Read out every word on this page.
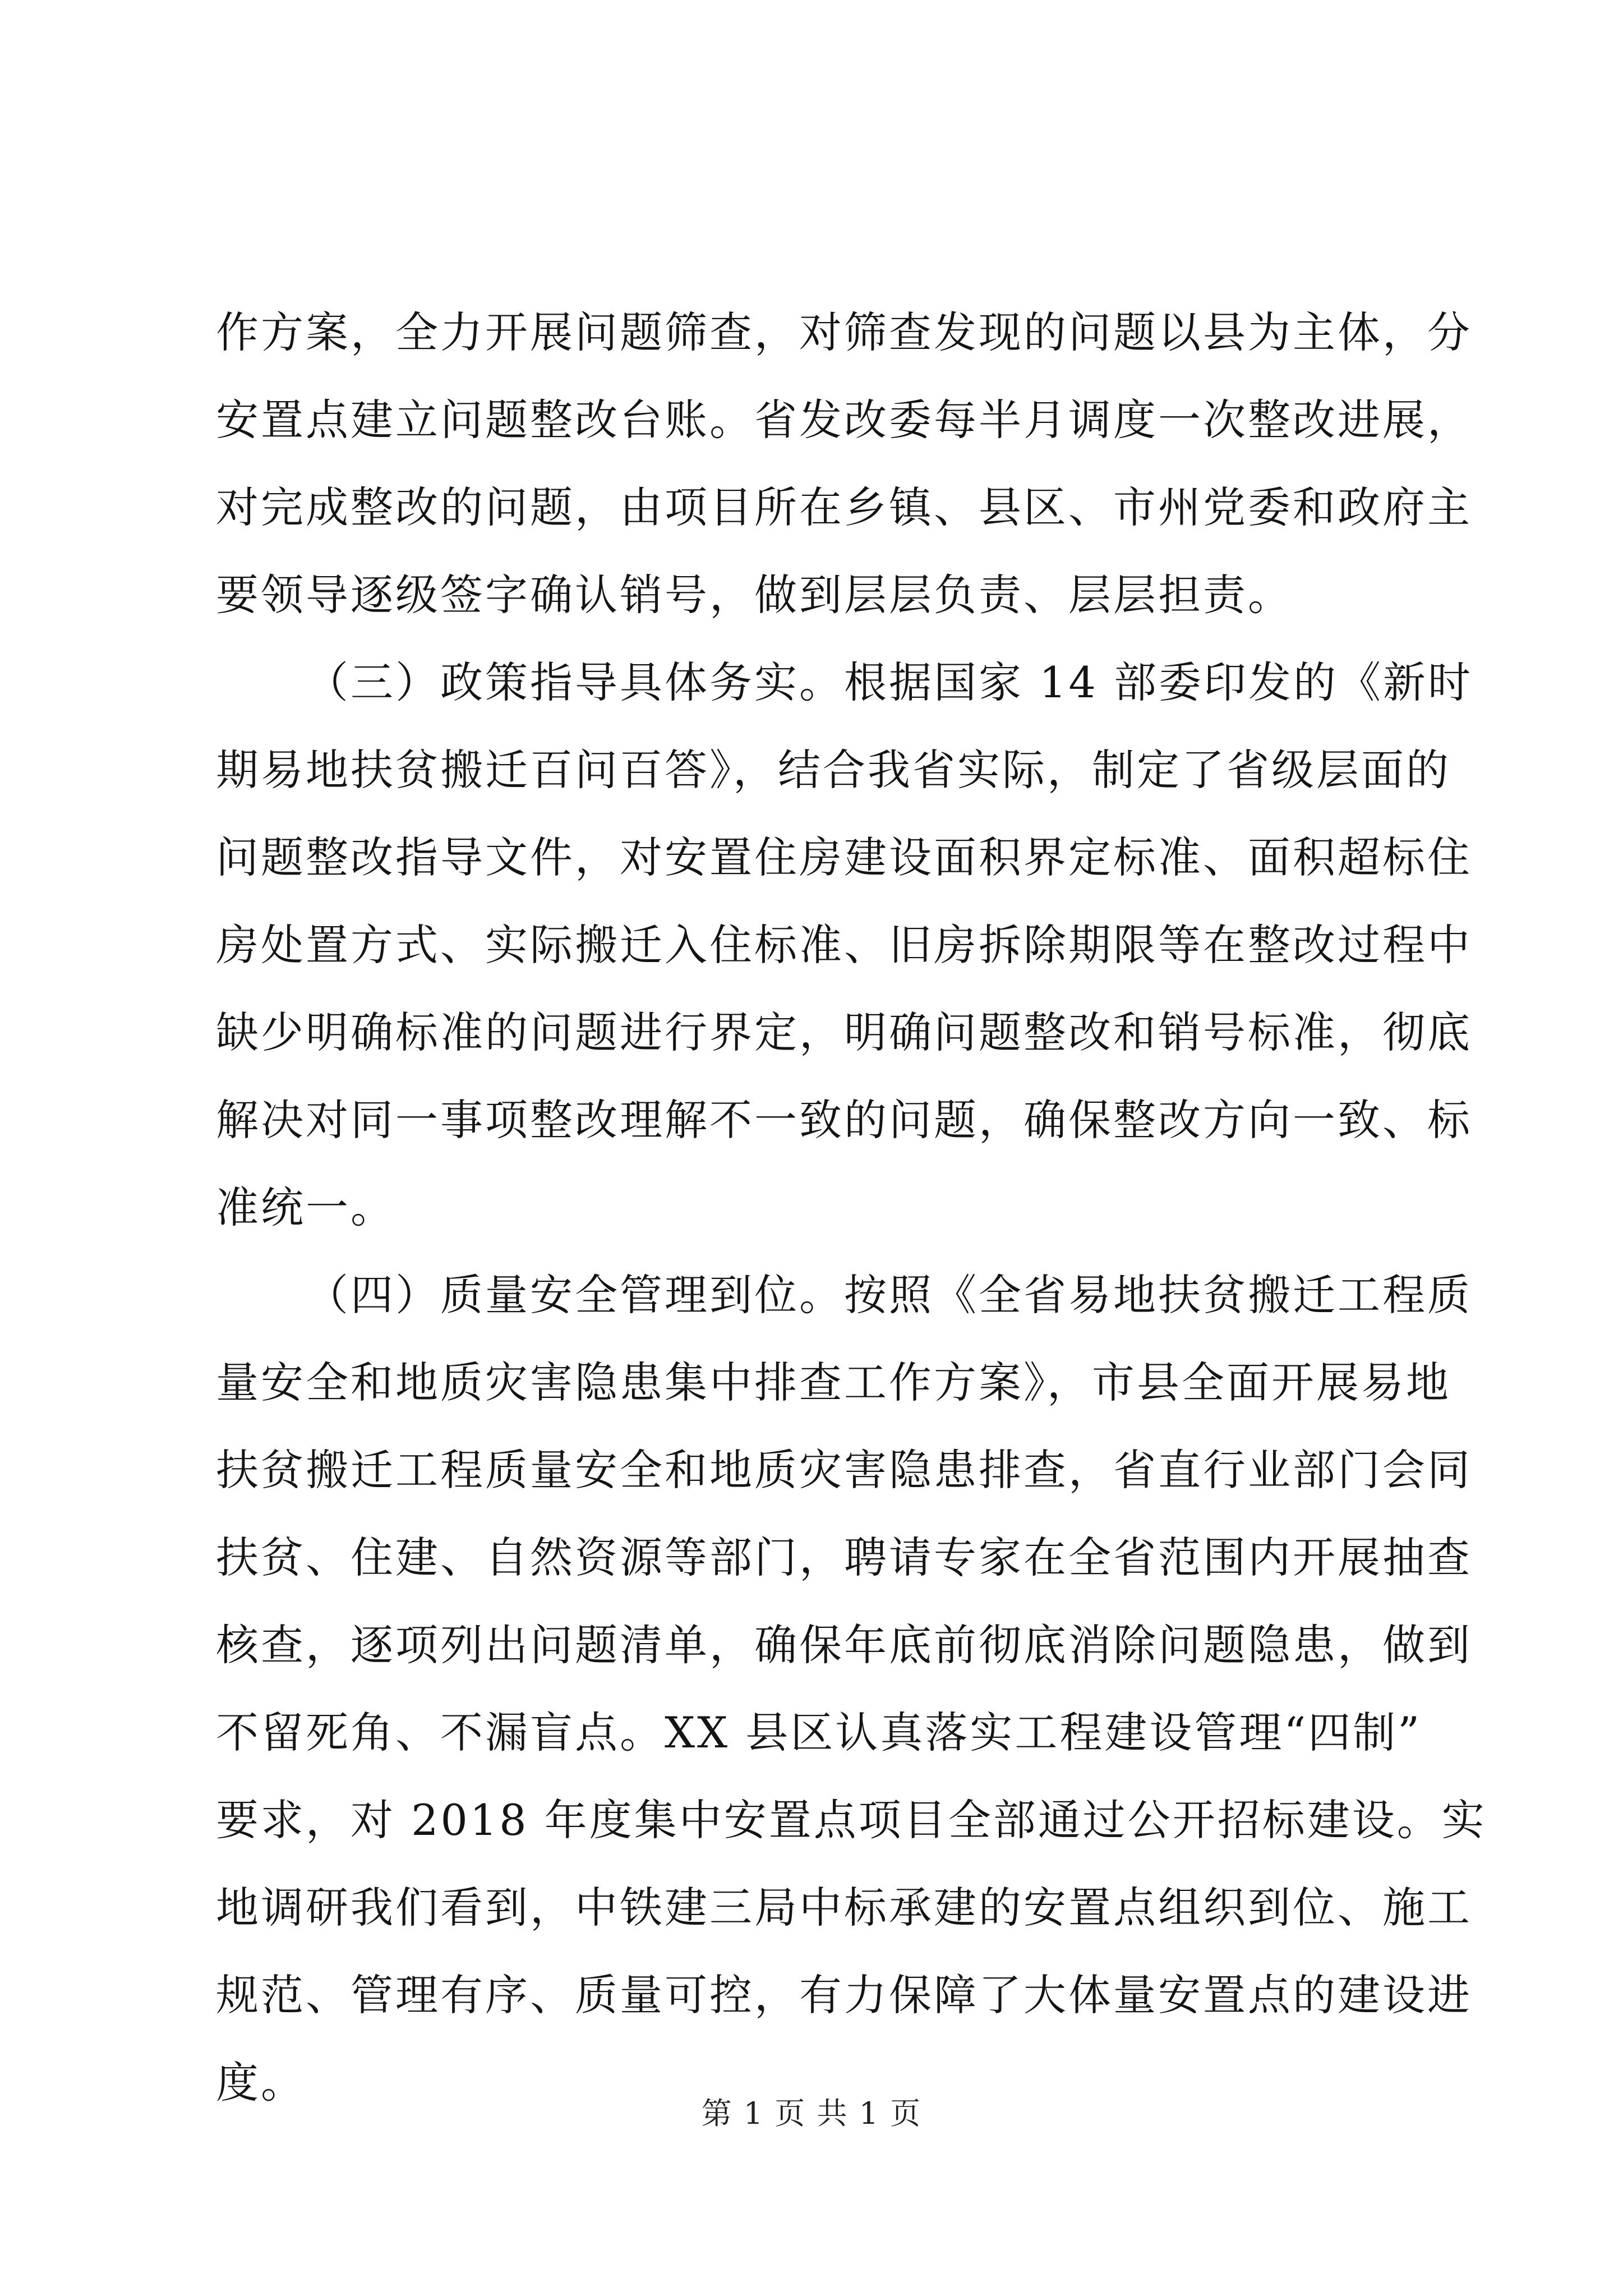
作方案，全力开展问题筛查，对筛查发现的问题以县为主体，分
安置点建立问题整改台账。省发改委每半月调度一次整改进展，
对完成整改的问题，由项目所在乡镇、县区、市州党委和政府主
要领导逐级签字确认销号，做到层层负责、层层担责。
（三）政策指导具体务实。根据国家 14 部委印发的《新时
期易地扶贫搬迁百问百答》，结合我省实际，制定了省级层面的
问题整改指导文件，对安置住房建设面积界定标准、面积超标住
房处置方式、实际搬迁入住标准、旧房拆除期限等在整改过程中
缺少明确标准的问题进行界定，明确问题整改和销号标准，彻底
解决对同一事项整改理解不一致的问题，确保整改方向一致、标
准统一。
（四）质量安全管理到位。按照《全省易地扶贫搬迁工程质
量安全和地质灾害隐患集中排查工作方案》，市县全面开展易地
扶贫搬迁工程质量安全和地质灾害隐患排查，省直行业部门会同
扶贫、住建、自然资源等部门，聘请专家在全省范围内开展抽查
核查，逐项列出问题清单，确保年底前彻底消除问题隐患，做到
不留死角、不漏盲点。XX 县区认真落实工程建设管理“四制”
要求，对 2018 年度集中安置点项目全部通过公开招标建设。实
地调研我们看到，中铁建三局中标承建的安置点组织到位、施工
规范、管理有序、质量可控，有力保障了大体量安置点的建设进
度。
第 1 页 共 1 页
